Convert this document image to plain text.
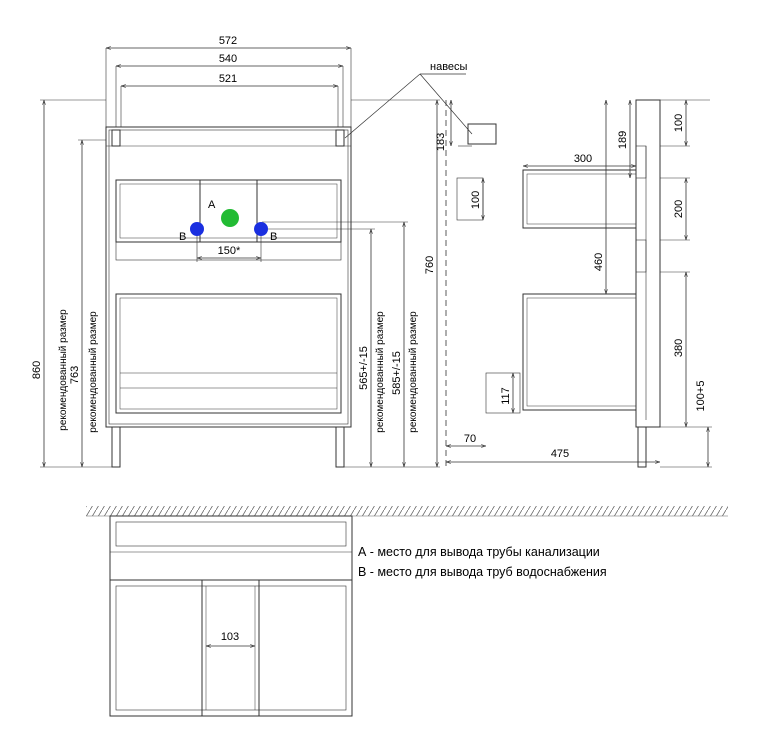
572
540
521
860 рекомендованный размер 763 рекомендованный размер
A
B	B
150*
565+/-15 рекомендованный размер 585+/-15 рекомендованный размер
760
навесы
183
100
189
300
460
117
70
475
100
200
380
100+5
103
А - место для вывода трубы канализации
В - место для вывода труб водоснабжения
